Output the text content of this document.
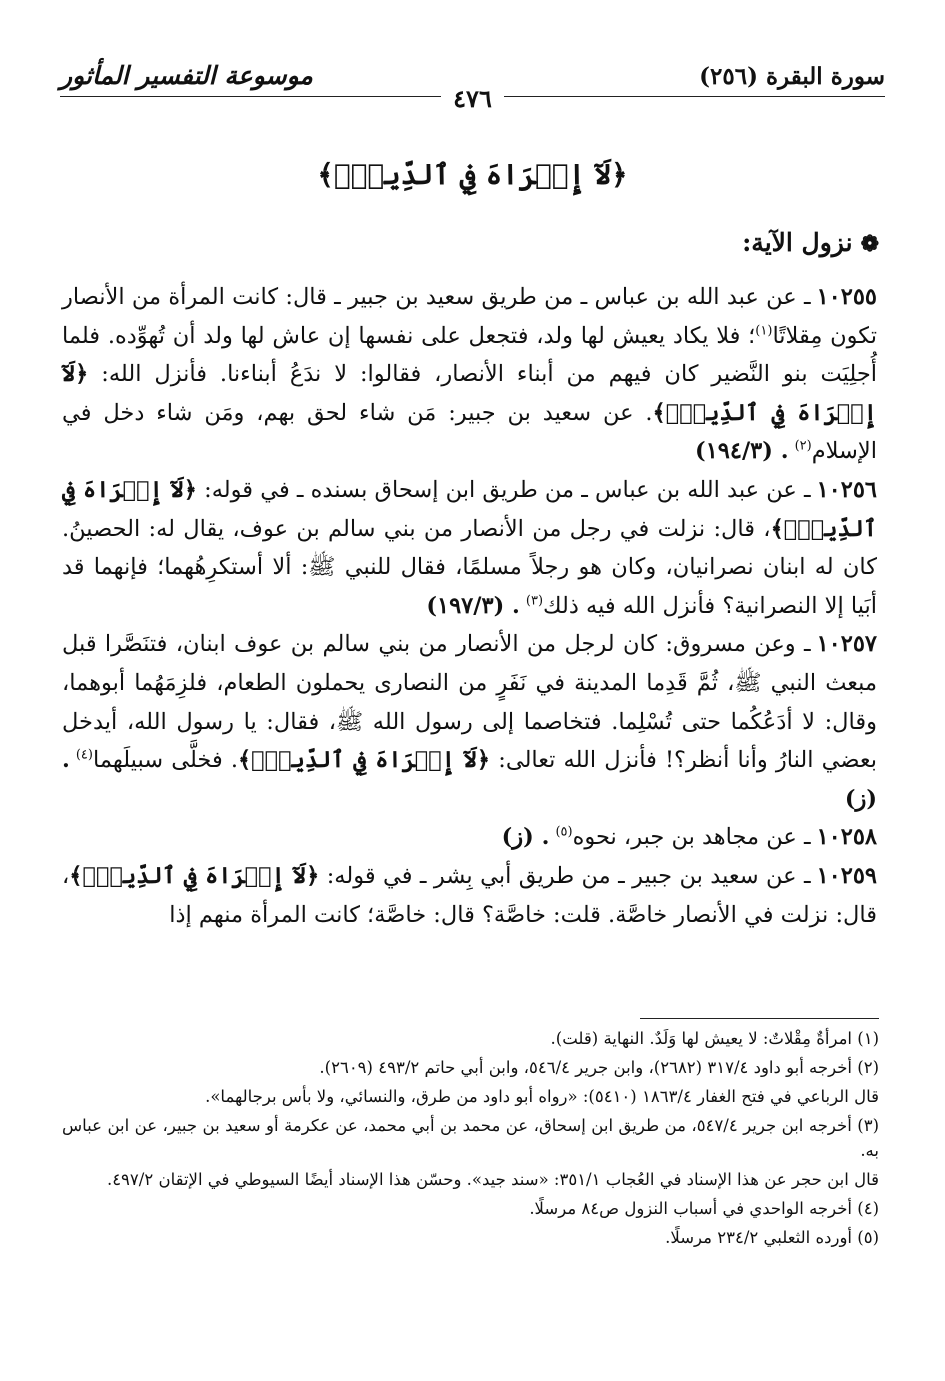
سورة البقرة (٢٥٦)
موسوعة التفسير المأثور
٤٧٦
﴿لَآ إِكۡرَاهَ فِي ٱلدِّينِۖ﴾
❁نزول الآية:

١٠٢٥٥ـ عن عبد الله بن عباس ـ من طريق سعيد بن جبير ـ قال: كانت المرأة من الأنصار تكون مِقلاتًا$^{(١)}$؛ فلا يكاد يعيش لها ولد، فتجعل على نفسها إن عاش لها ولد أن تُهوِّده. فلما أُجلِيَت بنو النَّضير كان فيهم من أبناء الأنصار، فقالوا: لا ندَعُ أبناءنا. فأنزل الله: ﴿لَآ إِكۡرَاهَ فِي ٱلدِّينِۖ﴾. عن سعيد بن جبير: مَن شاء لحق بهم، ومَن شاء دخل في الإسلام$^{(٢)}$. (١٩٤/٣)

١٠٢٥٦ـ عن عبد الله بن عباس ـ من طريق ابن إسحاق بسنده ـ في قوله: ﴿لَآ إِكۡرَاهَ فِي ٱلدِّينِۖ﴾، قال: نزلت في رجل من الأنصار من بني سالم بن عوف، يقال له: الحصينُ. كان له ابنان نصرانيان، وكان هو رجلاً مسلمًا، فقال للنبي ﷺ: ألا أستكرِهُهما؛ فإنهما قد أبَيا إلا النصرانية؟ فأنزل الله فيه ذلك$^{(٣)}$. (١٩٧/٣)

١٠٢٥٧ـ وعن مسروق: كان لرجل من الأنصار من بني سالم بن عوف ابنان، فتنَصَّرا قبل مبعث النبي ﷺ، ثُمَّ قَدِما المدينة في نَفَرٍ من النصارى يحملون الطعام، فلزِمَهُما أبوهما، وقال: لا أدَعُكُما حتى تُسْلِما. فتخاصما إلى رسول الله ﷺ، فقال: يا رسول الله، أيدخل بعضي النارُ وأنا أنظر؟! فأنزل الله تعالى: ﴿لَآ إِكۡرَاهَ فِي ٱلدِّينِۖ﴾. فخلَّى سبيلَهما$^{(٤)}$. (ز)

١٠٢٥٨ـ عن مجاهد بن جبر، نحوه$^{(٥)}$. (ز)

١٠٢٥٩ـ عن سعيد بن جبير ـ من طريق أبي بِشر ـ في قوله: ﴿لَآ إِكۡرَاهَ فِي ٱلدِّينِۖ﴾، قال: نزلت في الأنصار خاصَّة. قلت: خاصَّة؟ قال: خاصَّة؛ كانت المرأة منهم إذا

(١) امرأةٌ مِقْلاتٌ: لا يعيش لها وَلَدٌ. النهاية (قلت).

(٢) أخرجه أبو داود ٣١٧/٤ (٢٦٨٢)، وابن جرير ٥٤٦/٤، وابن أبي حاتم ٤٩٣/٢ (٢٦٠٩).

قال الرباعي في فتح الغفار ١٨٦٣/٤ (٥٤١٠): «رواه أبو داود من طرق، والنسائي، ولا بأس برجالهما».

(٣) أخرجه ابن جرير ٥٤٧/٤، من طريق ابن إسحاق، عن محمد بن أبي محمد، عن عكرمة أو سعيد بن جبير، عن ابن عباس به.

قال ابن حجر عن هذا الإسناد في العُجاب ٣٥١/١: «سند جيد». وحسّن هذا الإسناد أيضًا السيوطي في الإتقان ٤٩٧/٢.

(٤) أخرجه الواحدي في أسباب النزول ص٨٤ مرسلًا.

(٥) أورده الثعلبي ٢٣٤/٢ مرسلًا.
